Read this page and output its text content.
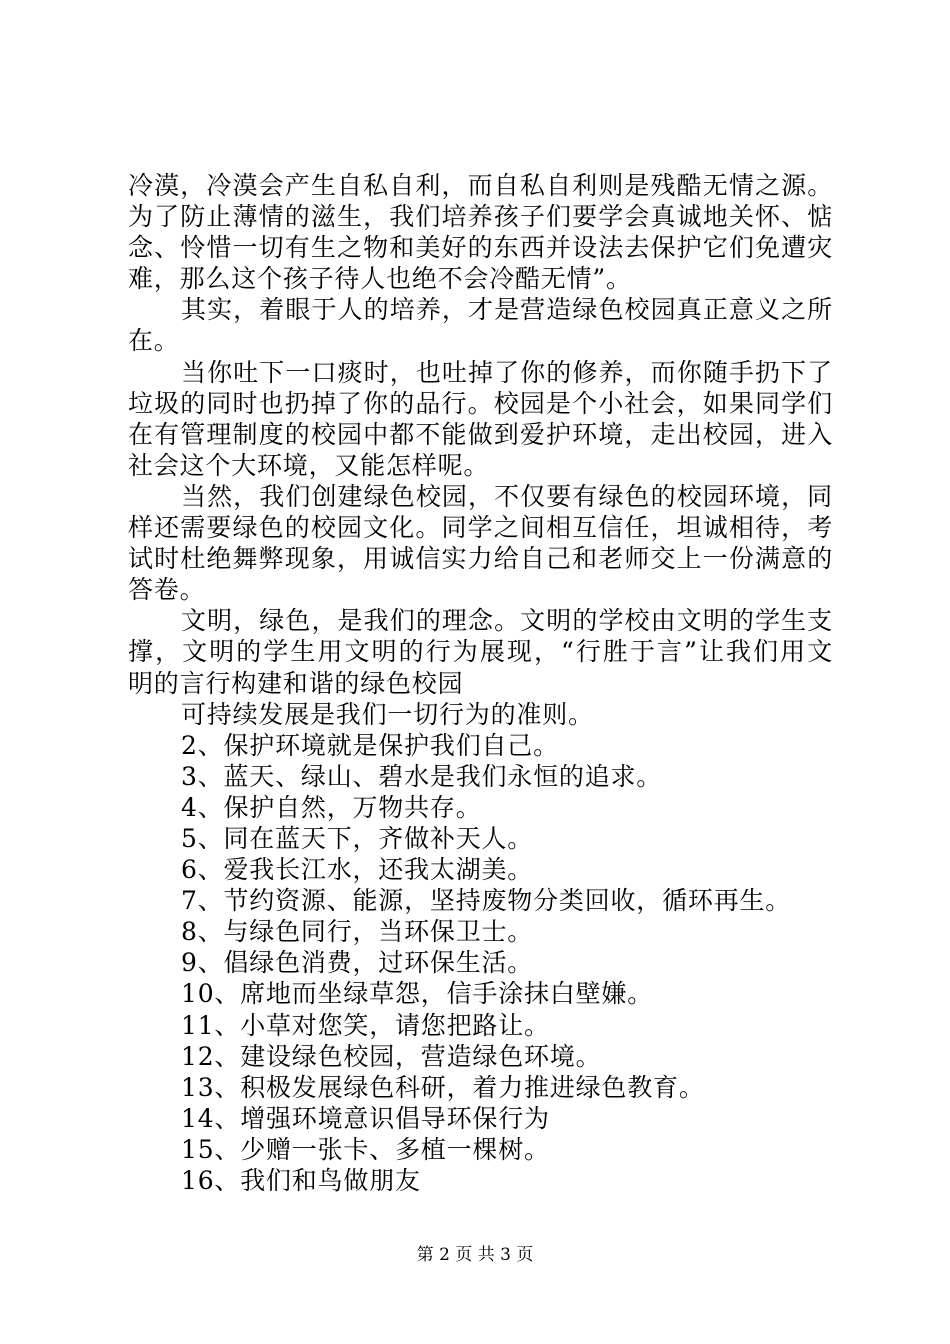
冷漠，冷漠会产生自私自利，而自私自利则是残酷无情之源。
为了防止薄情的滋生，我们培养孩子们要学会真诚地关怀、惦
念、怜惜一切有生之物和美好的东西并设法去保护它们免遭灾
难，那么这个孩子待人也绝不会冷酷无情”。
其实，着眼于人的培养，才是营造绿色校园真正意义之所
在。
当你吐下一口痰时，也吐掉了你的修养，而你随手扔下了
垃圾的同时也扔掉了你的品行。校园是个小社会，如果同学们
在有管理制度的校园中都不能做到爱护环境，走出校园，进入
社会这个大环境，又能怎样呢。
当然，我们创建绿色校园，不仅要有绿色的校园环境，同
样还需要绿色的校园文化。同学之间相互信任，坦诚相待，考
试时杜绝舞弊现象，用诚信实力给自己和老师交上一份满意的
答卷。
文明，绿色，是我们的理念。文明的学校由文明的学生支
撑，文明的学生用文明的行为展现，“行胜于言”让我们用文
明的言行构建和谐的绿色校园
可持续发展是我们一切行为的准则。
2、保护环境就是保护我们自己。
3、蓝天、绿山、碧水是我们永恒的追求。
4、保护自然，万物共存。
5、同在蓝天下，齐做补天人。
6、爱我长江水，还我太湖美。
7、节约资源、能源，坚持废物分类回收，循环再生。
8、与绿色同行，当环保卫士。
9、倡绿色消费，过环保生活。
10、席地而坐绿草怨，信手涂抹白壁嫌。
11、小草对您笑，请您把路让。
12、建设绿色校园，营造绿色环境。
13、积极发展绿色科研，着力推进绿色教育。
14、增强环境意识倡导环保行为
15、少赠一张卡、多植一棵树。
16、我们和鸟做朋友
第 2 页 共 3 页
